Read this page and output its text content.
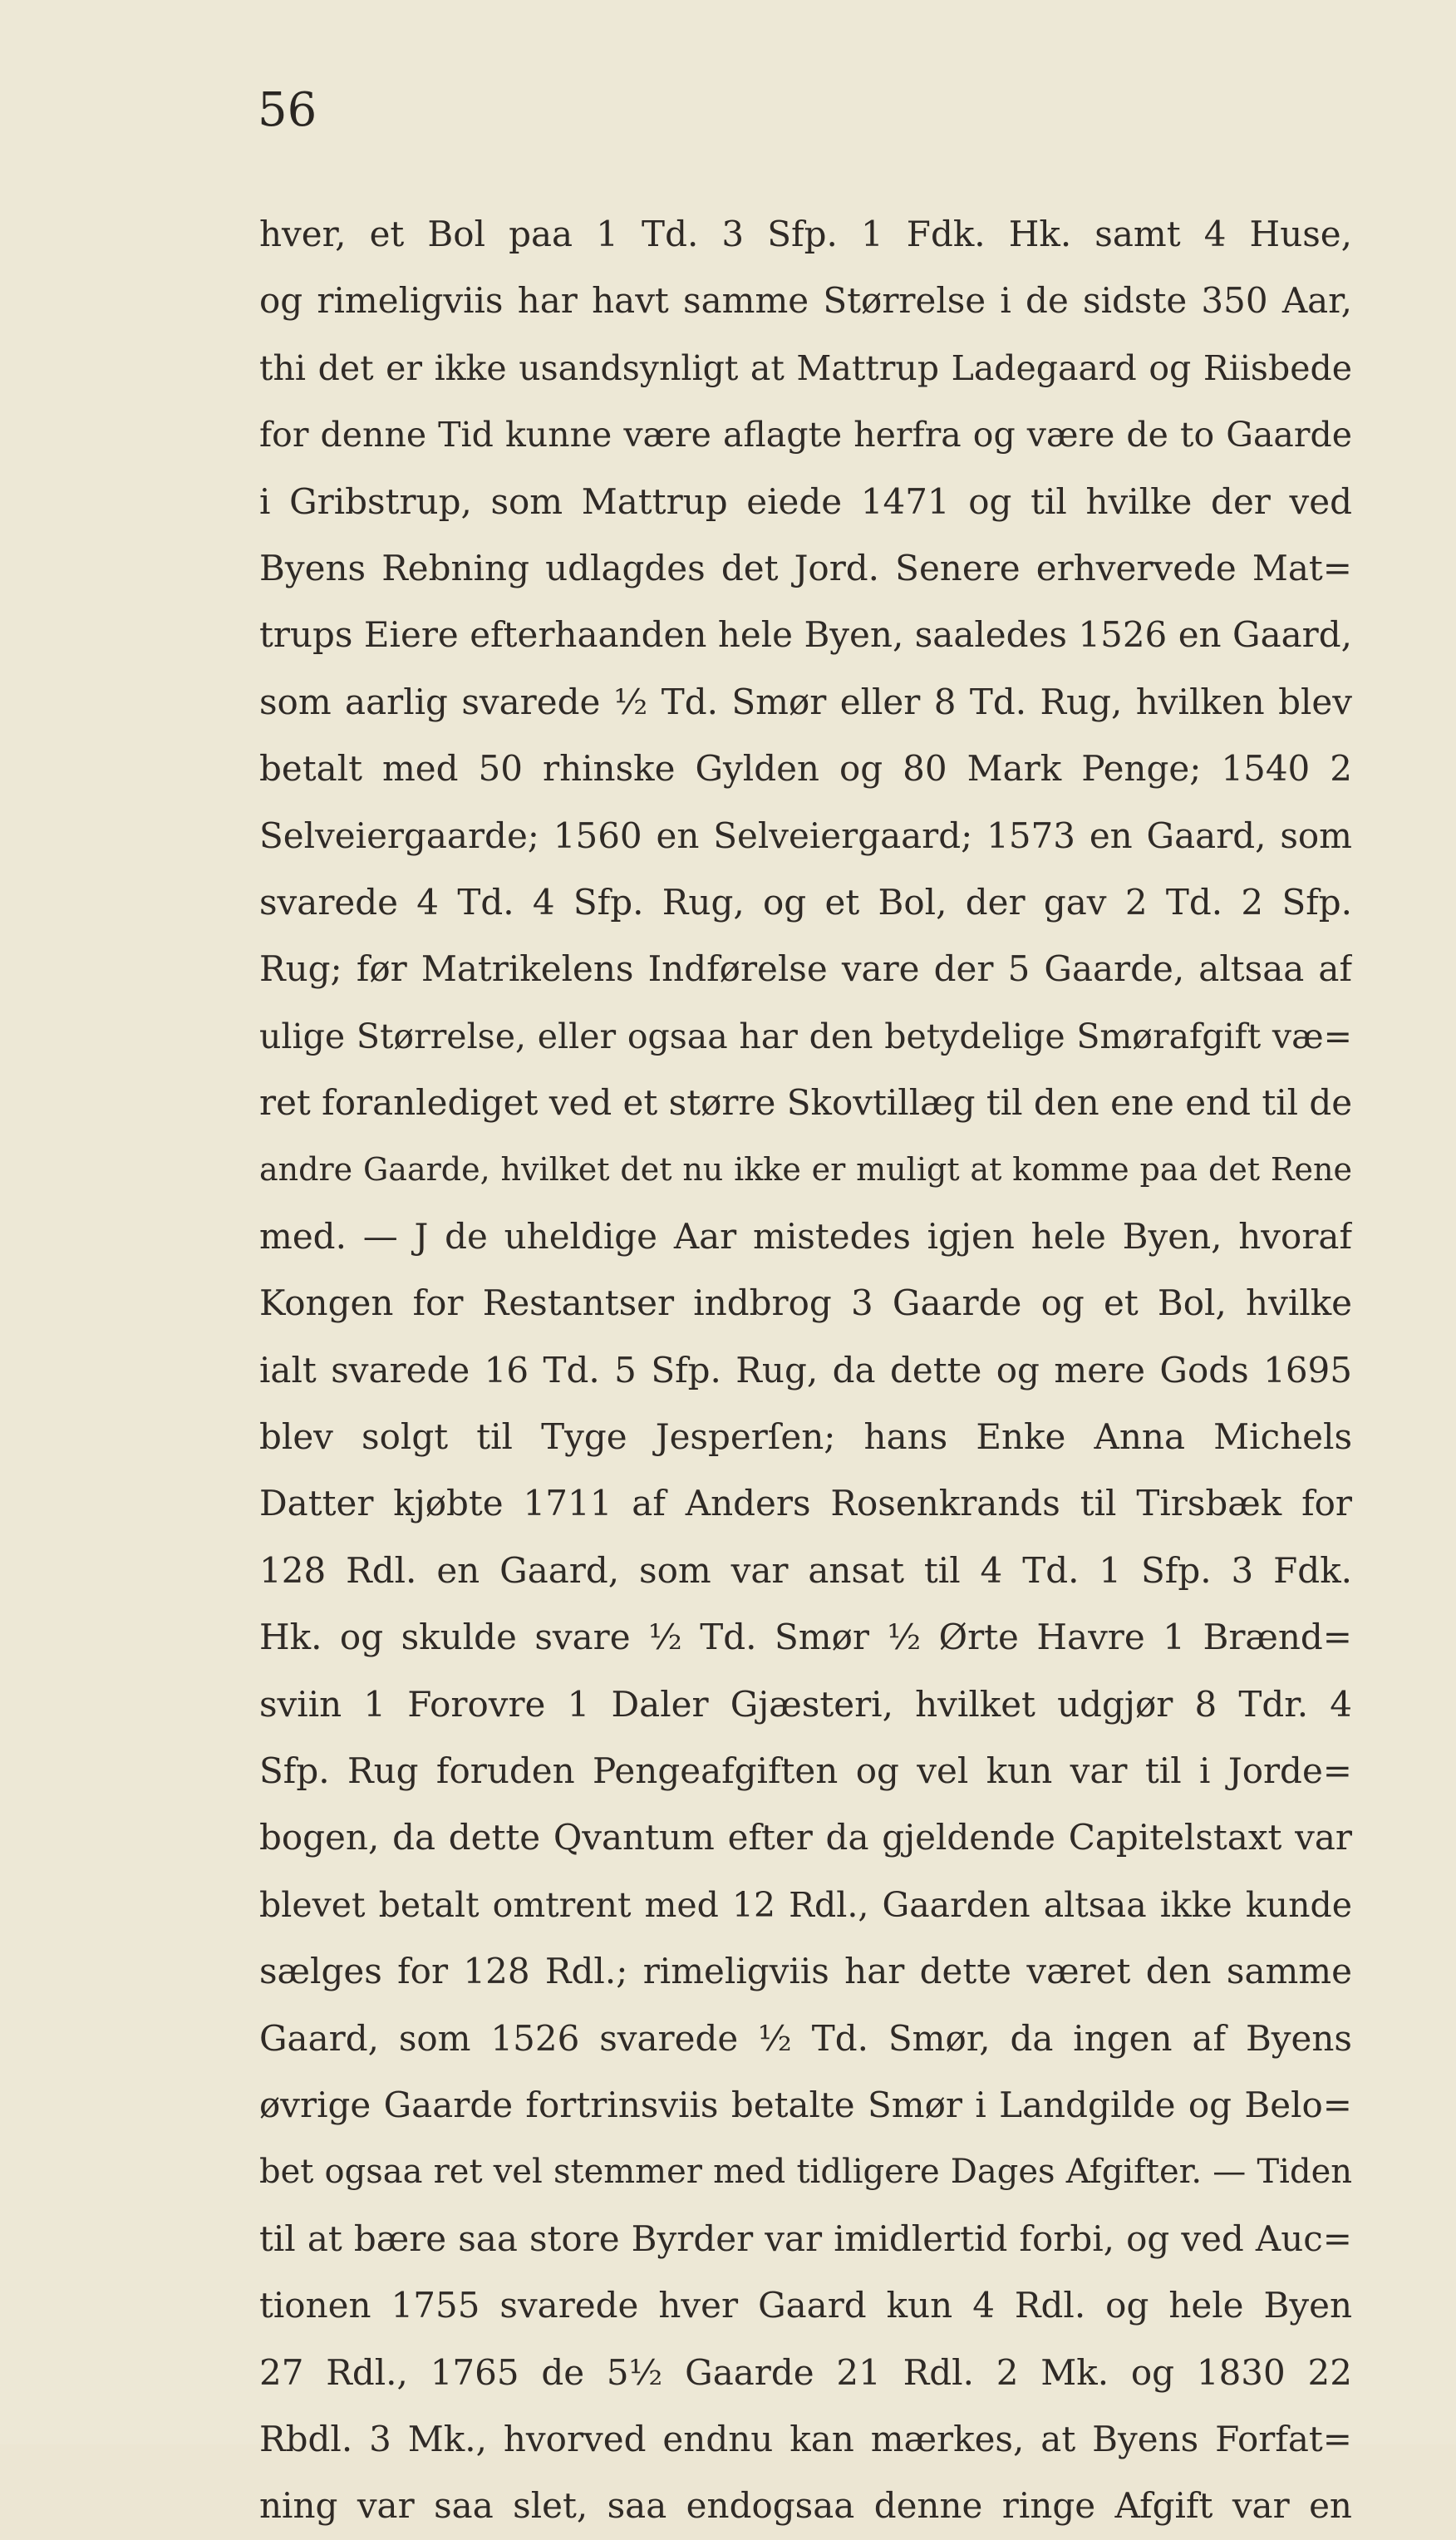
56
hver, et Bol paa 1 Td. 3 Sfp. 1 Fdk. Hk. samt 4 Huse,
og rimeligviis har havt samme Størrelse i de sidste 350 Aar,
thi det er ikke usandsynligt at Mattrup Ladegaard og Riisbede
for denne Tid kunne være aflagte herfra og være de to Gaarde
i Gribstrup, som Mattrup eiede 1471 og til hvilke der ved
Byens Rebning udlagdes det Jord. Senere erhvervede Mat=
trups Eiere efterhaanden hele Byen, saaledes 1526 en Gaard,
som aarlig svarede ½ Td. Smør eller 8 Td. Rug, hvilken blev
betalt med 50 rhinske Gylden og 80 Mark Penge; 1540 2
Selveiergaarde; 1560 en Selveiergaard; 1573 en Gaard, som
svarede 4 Td. 4 Sfp. Rug, og et Bol, der gav 2 Td. 2 Sfp.
Rug; før Matrikelens Indførelse vare der 5 Gaarde, altsaa af
ulige Størrelse, eller ogsaa har den betydelige Smørafgift væ=
ret foranlediget ved et større Skovtillæg til den ene end til de
andre Gaarde, hvilket det nu ikke er muligt at komme paa det Rene
med. — J de uheldige Aar mistedes igjen hele Byen, hvoraf
Kongen for Restantser indbrog 3 Gaarde og et Bol, hvilke
ialt svarede 16 Td. 5 Sfp. Rug, da dette og mere Gods 1695
blev solgt til Tyge Jesperſen; hans Enke Anna Michels
Datter kjøbte 1711 af Anders Rosenkrands til Tirsbæk for
128 Rdl. en Gaard, som var ansat til 4 Td. 1 Sfp. 3 Fdk.
Hk. og skulde svare ½ Td. Smør ½ Ørte Havre 1 Brænd=
sviin 1 Forovre 1 Daler Gjæsteri, hvilket udgjør 8 Tdr. 4
Sfp. Rug foruden Pengeafgiften og vel kun var til i Jorde=
bogen, da dette Qvantum efter da gjeldende Capitelstaxt var
blevet betalt omtrent med 12 Rdl., Gaarden altsaa ikke kunde
sælges for 128 Rdl.; rimeligviis har dette været den samme
Gaard, som 1526 svarede ½ Td. Smør, da ingen af Byens
øvrige Gaarde fortrinsviis betalte Smør i Landgilde og Belo=
bet ogsaa ret vel stemmer med tidligere Dages Afgifter. — Tiden
til at bære saa store Byrder var imidlertid forbi, og ved Auc=
tionen 1755 svarede hver Gaard kun 4 Rdl. og hele Byen
27 Rdl., 1765 de 5½ Gaarde 21 Rdl. 2 Mk. og 1830 22
Rbdl. 3 Mk., hvorved endnu kan mærkes, at Byens Forfat=
ning var saa slet, saa endogsaa denne ringe Afgift var en
